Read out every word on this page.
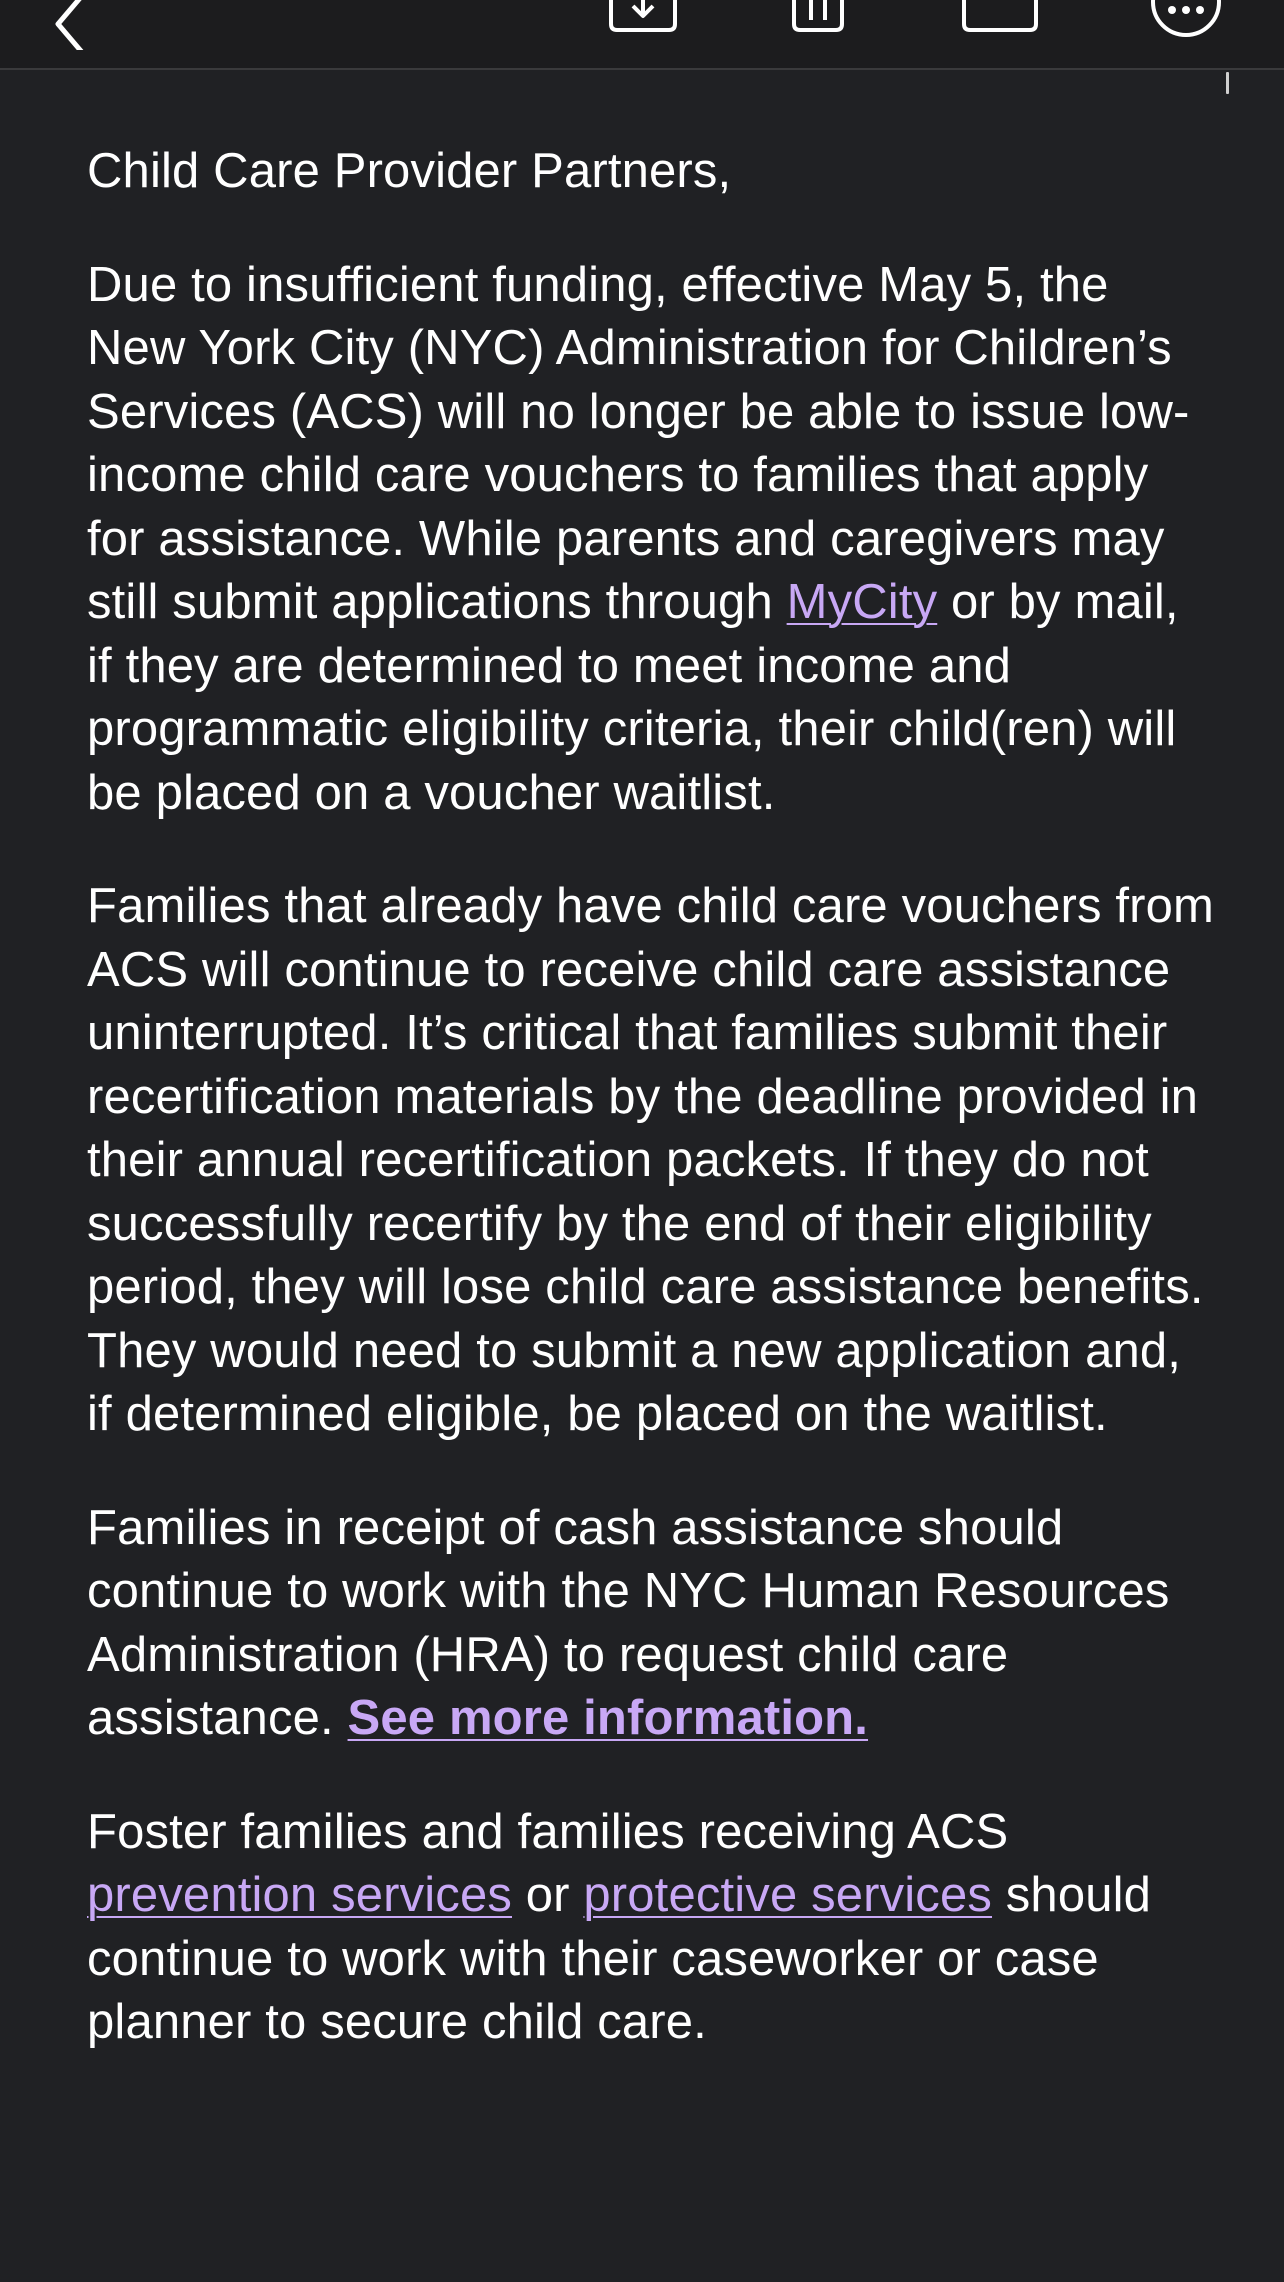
Child Care Provider Partners,

Due to insufficient funding, effective May 5, the New York City (NYC) Administration for Children’s Services (ACS) will no longer be able to issue low-income child care vouchers to families that apply for assistance. While parents and caregivers may still submit applications through MyCity or by mail, if they are determined to meet income and programmatic eligibility criteria, their child(ren) will be placed on a voucher waitlist.

Families that already have child care vouchers from ACS will continue to receive child care assistance uninterrupted. It’s critical that families submit their recertification materials by the deadline provided in their annual recertification packets. If they do not successfully recertify by the end of their eligibility period, they will lose child care assistance benefits. They would need to submit a new application and, if determined eligible, be placed on the waitlist.

Families in receipt of cash assistance should continue to work with the NYC Human Resources Administration (HRA) to request child care assistance. See more information.

Foster families and families receiving ACS prevention services or protective services should continue to work with their caseworker or case planner to secure child care.
